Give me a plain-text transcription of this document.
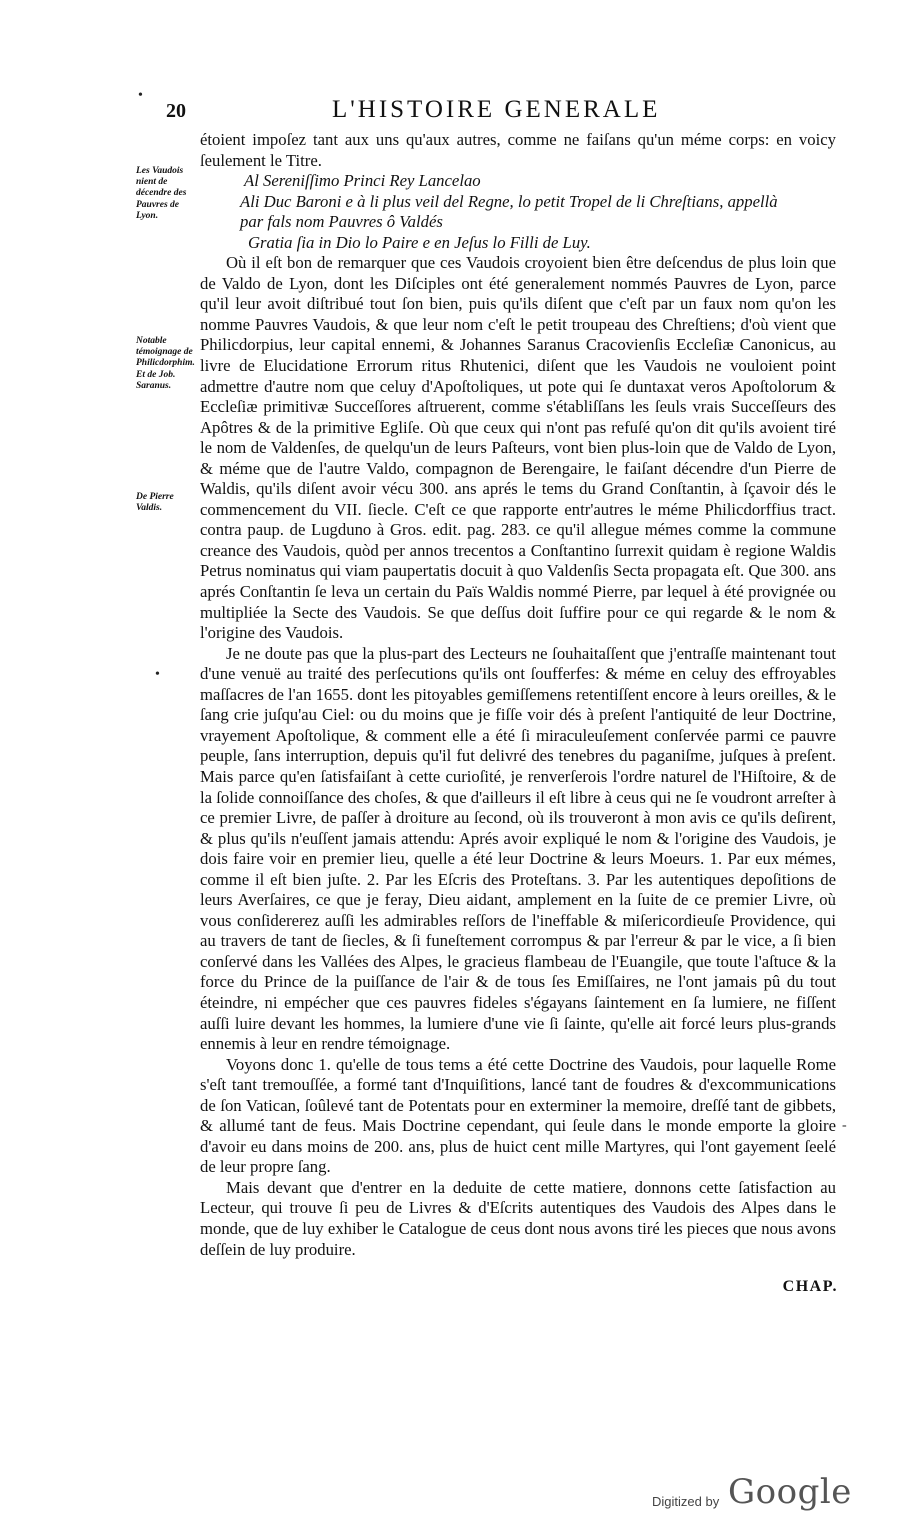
•
20	L'HISTOIRE GENERALE
Les Vaudois nient de décendre des Pauvres de Lyon.
Notable témoignage de Philicdorphim. Et de Job. Saranus.
De Pierre Valdis.
•

étoient impoſez tant aux uns qu'aux autres, comme ne faiſans qu'un méme corps: en voicy ſeulement le Titre.

Al Sereniſſimo Princi Rey Lancelao

Ali Duc Baroni e à li plus veil del Regne, lo petit Tropel de li Chreſtians, appellà

par fals nom Pauvres ô Valdés

Gratia ſia in Dio lo Paire e en Jeſus lo Filli de Luy.

Où il eſt bon de remarquer que ces Vaudois croyoient bien être deſcendus de plus loin que de Valdo de Lyon, dont les Diſciples ont été generalement nommés Pauvres de Lyon, parce qu'il leur avoit diſtribué tout ſon bien, puis qu'ils diſent que c'eſt par un faux nom qu'on les nomme Pauvres Vaudois, & que leur nom c'eſt le petit troupeau des Chreſtiens; d'où vient que Philicdorpius, leur capital ennemi, & Johannes Saranus Cracovienſis Eccleſiæ Canonicus, au livre de Elucidatione Errorum ritus Rhutenici, diſent que les Vaudois ne vouloient point admettre d'autre nom que celuy d'Apoſtoliques, ut pote qui ſe duntaxat veros Apoſtolorum & Eccleſiæ primitivæ Succeſſores aſtruerent, comme s'établiſſans les ſeuls vrais Succeſſeurs des Apôtres & de la primitive Egliſe. Où que ceux qui n'ont pas refuſé qu'on dit qu'ils avoient tiré le nom de Valdenſes, de quelqu'un de leurs Paſteurs, vont bien plus-loin que de Valdo de Lyon, & méme que de l'autre Valdo, compagnon de Berengaire, le faiſant décendre d'un Pierre de Waldis, qu'ils diſent avoir vécu 300. ans aprés le tems du Grand Conſtantin, à ſçavoir dés le commencement du VII. ſiecle. C'eſt ce que rapporte entr'autres le méme Philicdorffius tract. contra paup. de Lugduno à Gros. edit. pag. 283. ce qu'il allegue mémes comme la commune creance des Vaudois, quòd per annos trecentos a Conſtantino ſurrexit quidam è regione Waldis Petrus nominatus qui viam paupertatis docuit à quo Valdenſis Secta propagata eſt. Que 300. ans aprés Conſtantin ſe leva un certain du Païs Waldis nommé Pierre, par lequel à été provignée ou multipliée la Secte des Vaudois. Se que deſſus doit ſuffire pour ce qui regarde & le nom & l'origine des Vaudois.

Je ne doute pas que la plus-part des Lecteurs ne ſouhaitaſſent que j'entraſſe maintenant tout d'une venuë au traité des perſecutions qu'ils ont ſoufferfes: & méme en celuy des effroyables maſſacres de l'an 1655. dont les pitoyables gemiſſemens retentiſſent encore à leurs oreilles, & le ſang crie juſqu'au Ciel: ou du moins que je fiſſe voir dés à preſent l'antiquité de leur Doctrine, vrayement Apoſtolique, & comment elle a été ſi miraculeuſement conſervée parmi ce pauvre peuple, ſans interruption, depuis qu'il fut delivré des tenebres du paganiſme, juſques à preſent. Mais parce qu'en ſatisfaiſant à cette curioſité, je renverſerois l'ordre naturel de l'Hiſtoire, & de la ſolide connoiſſance des choſes, & que d'ailleurs il eſt libre à ceus qui ne ſe voudront arreſter à ce premier Livre, de paſſer à droiture au ſecond, où ils trouveront à mon avis ce qu'ils deſirent, & plus qu'ils n'euſſent jamais attendu: Aprés avoir expliqué le nom & l'origine des Vaudois, je dois faire voir en premier lieu, quelle a été leur Doctrine & leurs Moeurs. 1. Par eux mémes, comme il eſt bien juſte. 2. Par les Eſcris des Proteſtans. 3. Par les autentiques depoſitions de leurs Averſaires, ce que je feray, Dieu aidant, amplement en la ſuite de ce premier Livre, où vous conſidererez auſſi les admirables reſſors de l'ineffable & miſericordieuſe Providence, qui au travers de tant de ſiecles, & ſi funeſtement corrompus & par l'erreur & par le vice, a ſi bien conſervé dans les Vallées des Alpes, le gracieus flambeau de l'Euangile, que toute l'aſtuce & la force du Prince de la puiſſance de l'air & de tous ſes Emiſſaires, ne l'ont jamais pû du tout éteindre, ni empécher que ces pauvres fideles s'égayans ſaintement en ſa lumiere, ne fiſſent auſſi luire devant les hommes, la lumiere d'une vie ſi ſainte, qu'elle ait forcé leurs plus-grands ennemis à leur en rendre témoignage.

Voyons donc 1. qu'elle de tous tems a été cette Doctrine des Vaudois, pour laquelle Rome s'eſt tant tremouſſée, a formé tant d'Inquiſitions, lancé tant de foudres & d'excommunications de ſon Vatican, ſoûlevé tant de Potentats pour en exterminer la memoire, dreſſé tant de gibbets, & allumé tant de feus. Mais Doctrine cependant, qui ſeule dans le monde emporte la gloire d'avoir eu dans moins de 200. ans, plus de huict cent mille Martyres, qui l'ont gayement ſeelé de leur propre ſang.

Mais devant que d'entrer en la deduite de cette matiere, donnons cette ſatisfaction au Lecteur, qui trouve ſi peu de Livres & d'Eſcrits autentiques des Vaudois des Alpes dans le monde, que de luy exhiber le Catalogue de ceus dont nous avons tiré les pieces que nous avons deſſein de luy produire.

-
CHAP.
Digitized by Google
